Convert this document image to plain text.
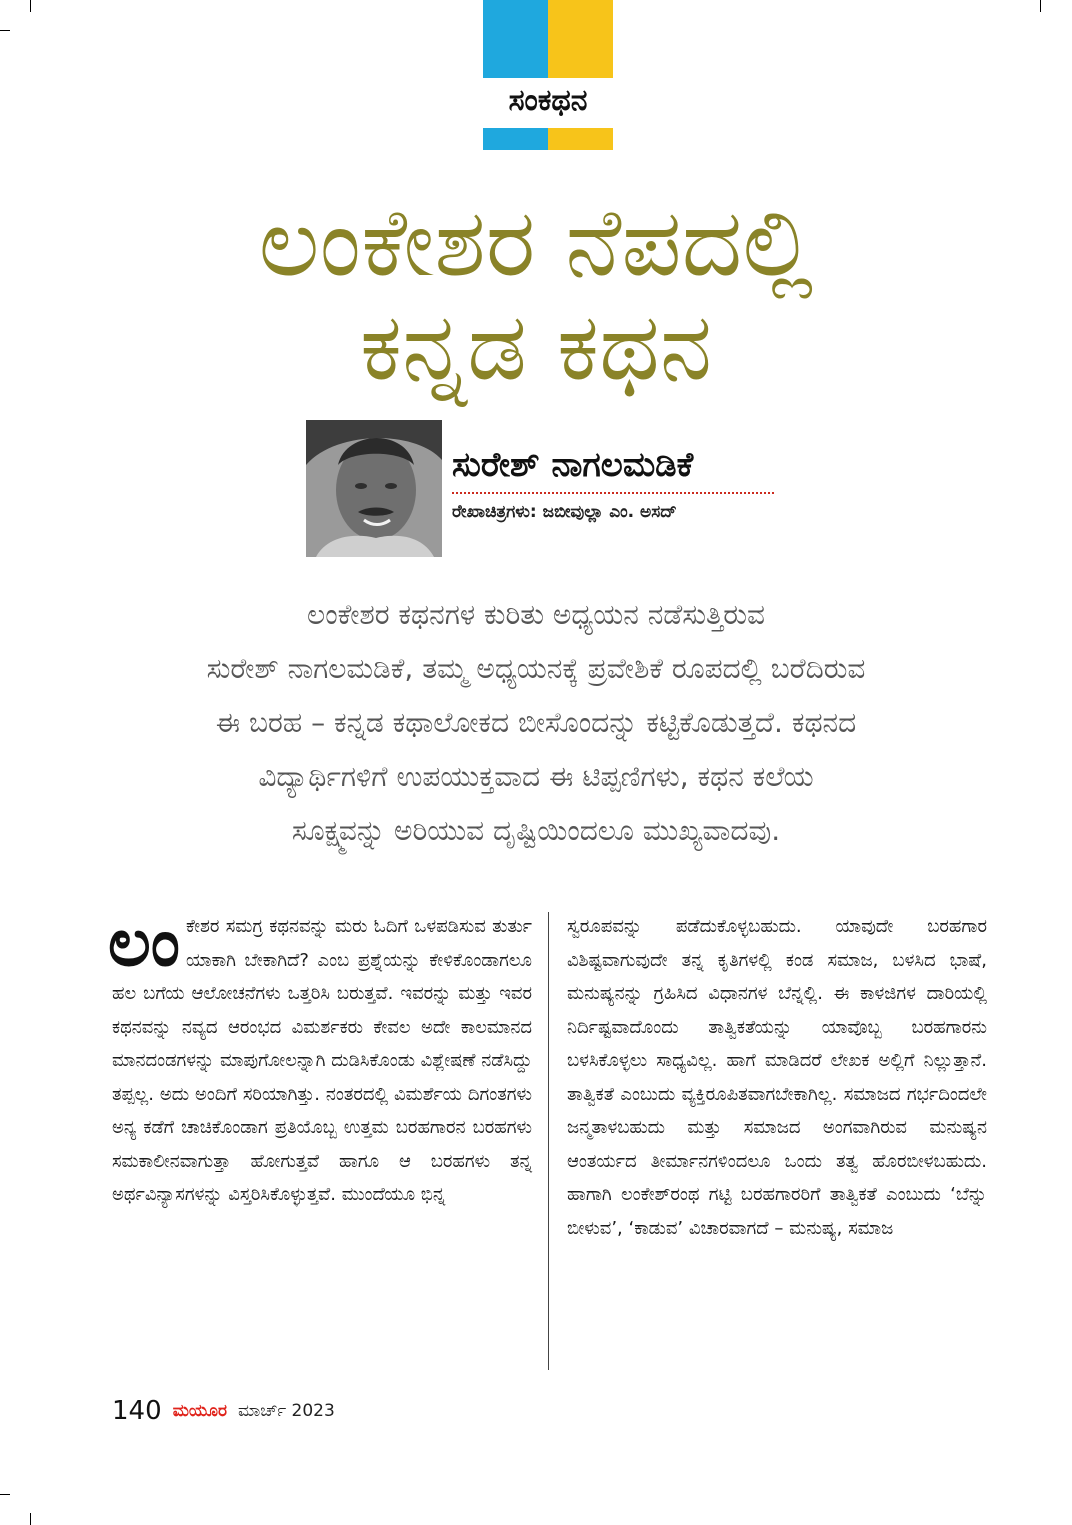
ಸಂಕಥನ
ಲಂಕೇಶರ ನೆಪದಲ್ಲಿ
ಕನ್ನಡ ಕಥನ
ಸುರೇಶ್ ನಾಗಲಮಡಿಕೆ
ರೇಖಾಚಿತ್ರಗಳು: ಜಬೀವುಲ್ಲಾ ಎಂ. ಅಸದ್
ಲಂಕೇಶರ ಕಥನಗಳ ಕುರಿತು ಅಧ್ಯಯನ ನಡೆಸುತ್ತಿರುವ
ಸುರೇಶ್ ನಾಗಲಮಡಿಕೆ, ತಮ್ಮ ಅಧ್ಯಯನಕ್ಕೆ ಪ್ರವೇಶಿಕೆ ರೂಪದಲ್ಲಿ ಬರೆದಿರುವ
ಈ ಬರಹ – ಕನ್ನಡ ಕಥಾಲೋಕದ ಬೀಸೊಂದನ್ನು ಕಟ್ಟಿಕೊಡುತ್ತದೆ. ಕಥನದ
ವಿದ್ಯಾರ್ಥಿಗಳಿಗೆ ಉಪಯುಕ್ತವಾದ ಈ ಟಿಪ್ಪಣಿಗಳು, ಕಥನ ಕಲೆಯ
ಸೂಕ್ಷ್ಮವನ್ನು ಅರಿಯುವ ದೃಷ್ಟಿಯಿಂದಲೂ ಮುಖ್ಯವಾದವು.

ಲಂಕೇಶರ ಸಮಗ್ರ ಕಥನವನ್ನು ಮರು ಓದಿಗೆ ಒಳಪಡಿಸುವ ತುರ್ತು ಯಾಕಾಗಿ ಬೇಕಾಗಿದೆ? ಎಂಬ ಪ್ರಶ್ನೆಯನ್ನು ಕೇಳಿಕೊಂಡಾಗಲೂ ಹಲ ಬಗೆಯ ಆಲೋಚನೆಗಳು ಒತ್ತರಿಸಿ ಬರುತ್ತವೆ. ಇವರನ್ನು ಮತ್ತು ಇವರ ಕಥನವನ್ನು ನವ್ಯದ ಆರಂಭದ ವಿಮರ್ಶಕರು ಕೇವಲ ಅದೇ ಕಾಲಮಾನದ ಮಾನದಂಡಗಳನ್ನು ಮಾಪುಗೋಲನ್ನಾಗಿ ದುಡಿಸಿಕೊಂಡು ವಿಶ್ಲೇಷಣೆ ನಡೆಸಿದ್ದು ತಪ್ಪಲ್ಲ. ಅದು ಅಂದಿಗೆ ಸರಿಯಾಗಿತ್ತು. ನಂತರದಲ್ಲಿ ವಿಮರ್ಶೆಯ ದಿಗಂತಗಳು ಅನ್ಯ ಕಡೆಗೆ ಚಾಚಿಕೊಂಡಾಗ ಪ್ರತಿಯೊಬ್ಬ ಉತ್ತಮ ಬರಹಗಾರನ ಬರಹಗಳು ಸಮಕಾಲೀನವಾಗುತ್ತಾ ಹೋಗುತ್ತವೆ ಹಾಗೂ ಆ ಬರಹಗಳು ತನ್ನ ಅರ್ಥವಿನ್ಯಾಸಗಳನ್ನು ವಿಸ್ತರಿಸಿಕೊಳ್ಳುತ್ತವೆ. ಮುಂದೆಯೂ ಭಿನ್ನ

ಸ್ವರೂಪವನ್ನು ಪಡೆದುಕೊಳ್ಳಬಹುದು. ಯಾವುದೇ ಬರಹಗಾರ ವಿಶಿಷ್ಟವಾಗುವುದೇ ತನ್ನ ಕೃತಿಗಳಲ್ಲಿ ಕಂಡ ಸಮಾಜ, ಬಳಸಿದ ಭಾಷೆ, ಮನುಷ್ಯನನ್ನು ಗ್ರಹಿಸಿದ ವಿಧಾನಗಳ ಬೆನ್ನಲ್ಲಿ. ಈ ಕಾಳಜಿಗಳ ದಾರಿಯಲ್ಲಿ ನಿರ್ದಿಷ್ಟವಾದೊಂದು ತಾತ್ವಿಕತೆಯನ್ನು ಯಾವೊಬ್ಬ ಬರಹಗಾರನು ಬಳಸಿಕೊಳ್ಳಲು ಸಾಧ್ಯವಿಲ್ಲ. ಹಾಗೆ ಮಾಡಿದರೆ ಲೇಖಕ ಅಲ್ಲಿಗೆ ನಿಲ್ಲುತ್ತಾನೆ. ತಾತ್ವಿಕತೆ ಎಂಬುದು ವ್ಯಕ್ತಿರೂಪಿತವಾಗಬೇಕಾಗಿಲ್ಲ. ಸಮಾಜದ ಗರ್ಭದಿಂದಲೇ ಜನ್ಮತಾಳಬಹುದು ಮತ್ತು ಸಮಾಜದ ಅಂಗವಾಗಿರುವ ಮನುಷ್ಯನ ಆಂತರ್ಯದ ತೀರ್ಮಾನಗಳಿಂದಲೂ ಒಂದು ತತ್ವ ಹೊರಬೀಳಬಹುದು. ಹಾಗಾಗಿ ಲಂಕೇಶ್‌ರಂಥ ಗಟ್ಟಿ ಬರಹಗಾರರಿಗೆ ತಾತ್ವಿಕತೆ ಎಂಬುದು ‘ಬೆನ್ನು ಬೀಳುವ’, ‘ಕಾಡುವ’ ವಿಚಾರವಾಗದೆ – ಮನುಷ್ಯ, ಸಮಾಜ

140 ಮಯೂರ ಮಾರ್ಚ್ 2023
